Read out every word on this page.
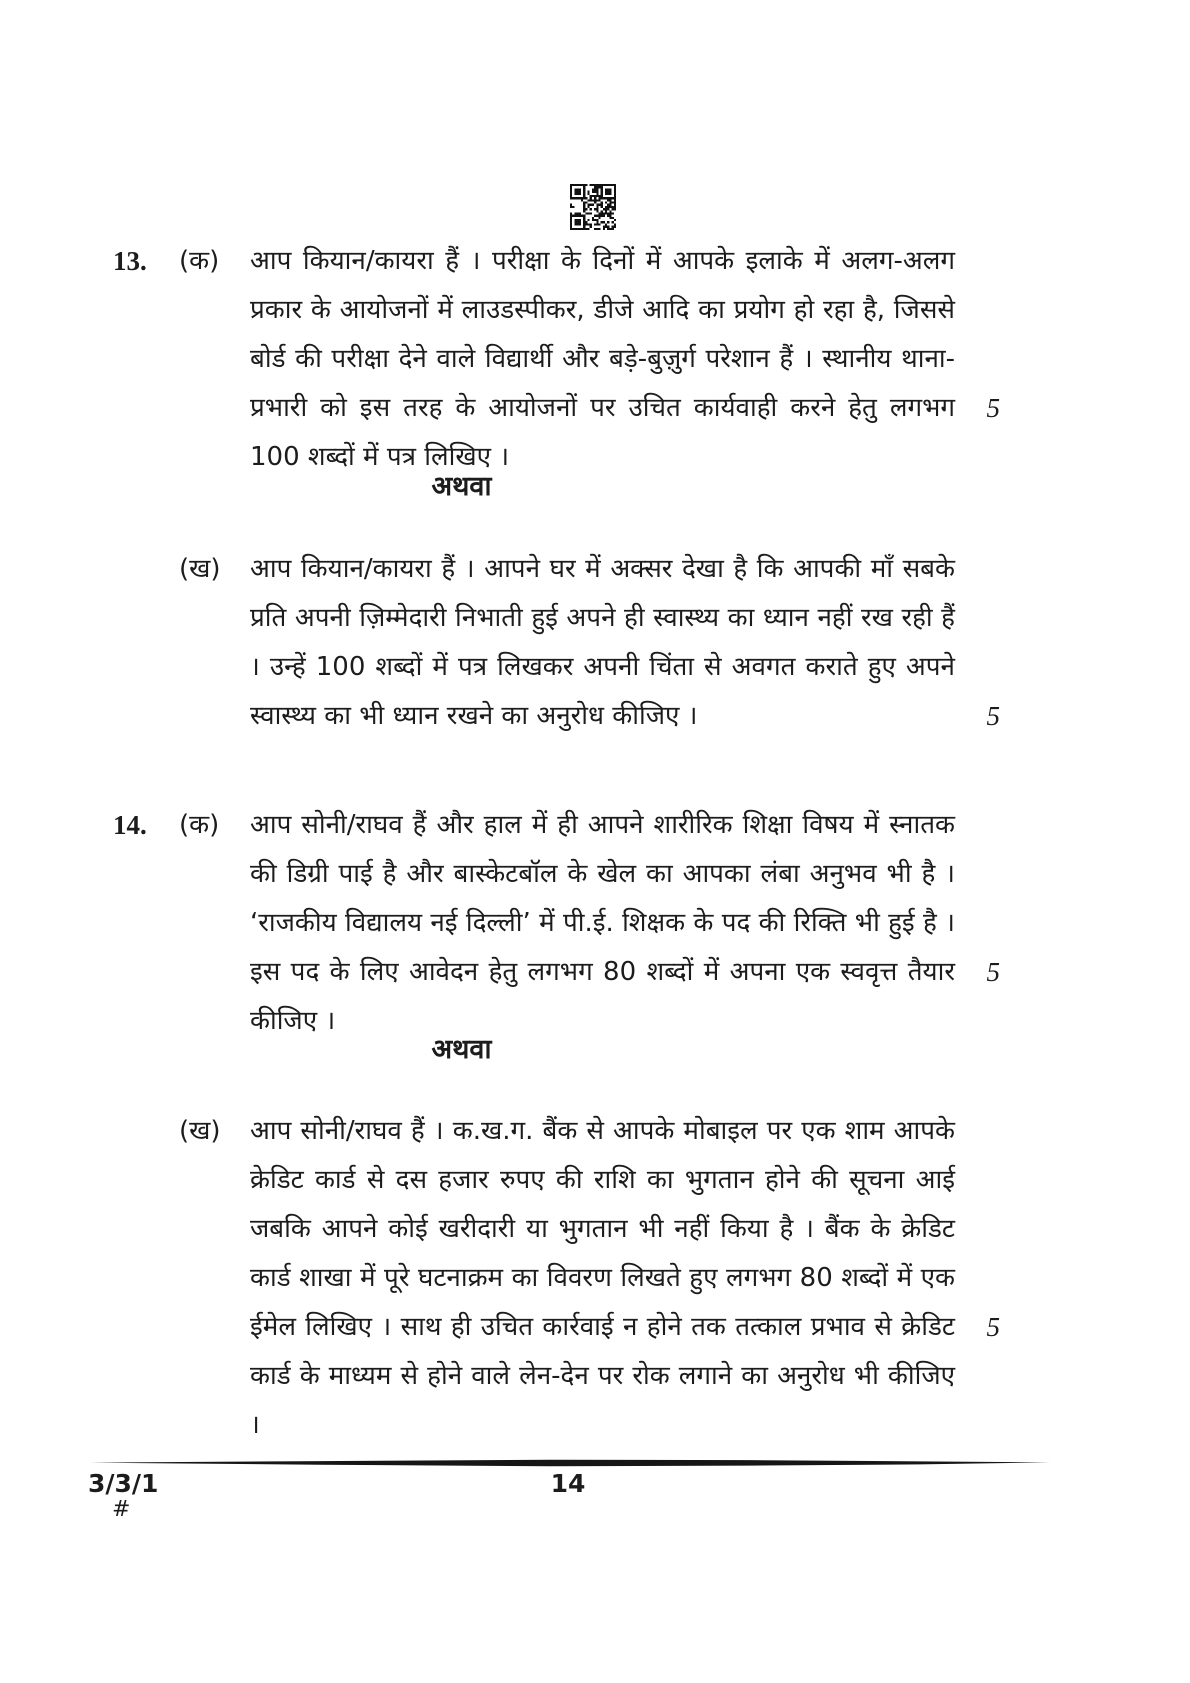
13.	(क)	आप कियान/कायरा हैं । परीक्षा के दिनों में आपके इलाके में अलग-अलग प्रकार के आयोजनों में लाउडस्पीकर, डीजे आदि का प्रयोग हो रहा है, जिससे बोर्ड की परीक्षा देने वाले विद्यार्थी और बड़े-बुज़ुर्ग परेशान हैं । स्थानीय थाना-प्रभारी को इस तरह के आयोजनों पर उचित कार्यवाही करने हेतु लगभग 100 शब्दों में पत्र लिखिए ।
5
अथवा
(ख)	आप कियान/कायरा हैं । आपने घर में अक्सर देखा है कि आपकी माँ सबके प्रति अपनी ज़िम्मेदारी निभाती हुई अपने ही स्वास्थ्य का ध्यान नहीं रख रही हैं । उन्हें 100 शब्दों में पत्र लिखकर अपनी चिंता से अवगत कराते हुए अपने स्वास्थ्य का भी ध्यान रखने का अनुरोध कीजिए ।	5
14.	(क)	आप सोनी/राघव हैं और हाल में ही आपने शारीरिक शिक्षा विषय में स्नातक की डिग्री पाई है और बास्केटबॉल के खेल का आपका लंबा अनुभव भी है । ‘राजकीय विद्यालय नई दिल्ली’ में पी.ई. शिक्षक के पद की रिक्ति भी हुई है । इस पद के लिए आवेदन हेतु लगभग 80 शब्दों में अपना एक स्ववृत्त तैयार कीजिए ।
5
अथवा
(ख)	आप सोनी/राघव हैं । क.ख.ग. बैंक से आपके मोबाइल पर एक शाम आपके क्रेडिट कार्ड से दस हजार रुपए की राशि का भुगतान होने की सूचना आई जबकि आपने कोई खरीदारी या भुगतान भी नहीं किया है । बैंक के क्रेडिट कार्ड शाखा में पूरे घटनाक्रम का विवरण लिखते हुए लगभग 80 शब्दों में एक ईमेल लिखिए । साथ ही उचित कार्रवाई न होने तक तत्काल प्रभाव से क्रेडिट कार्ड के माध्यम से होने वाले लेन-देन पर रोक लगाने का अनुरोध भी कीजिए ।
5
3/3/1
#
14
